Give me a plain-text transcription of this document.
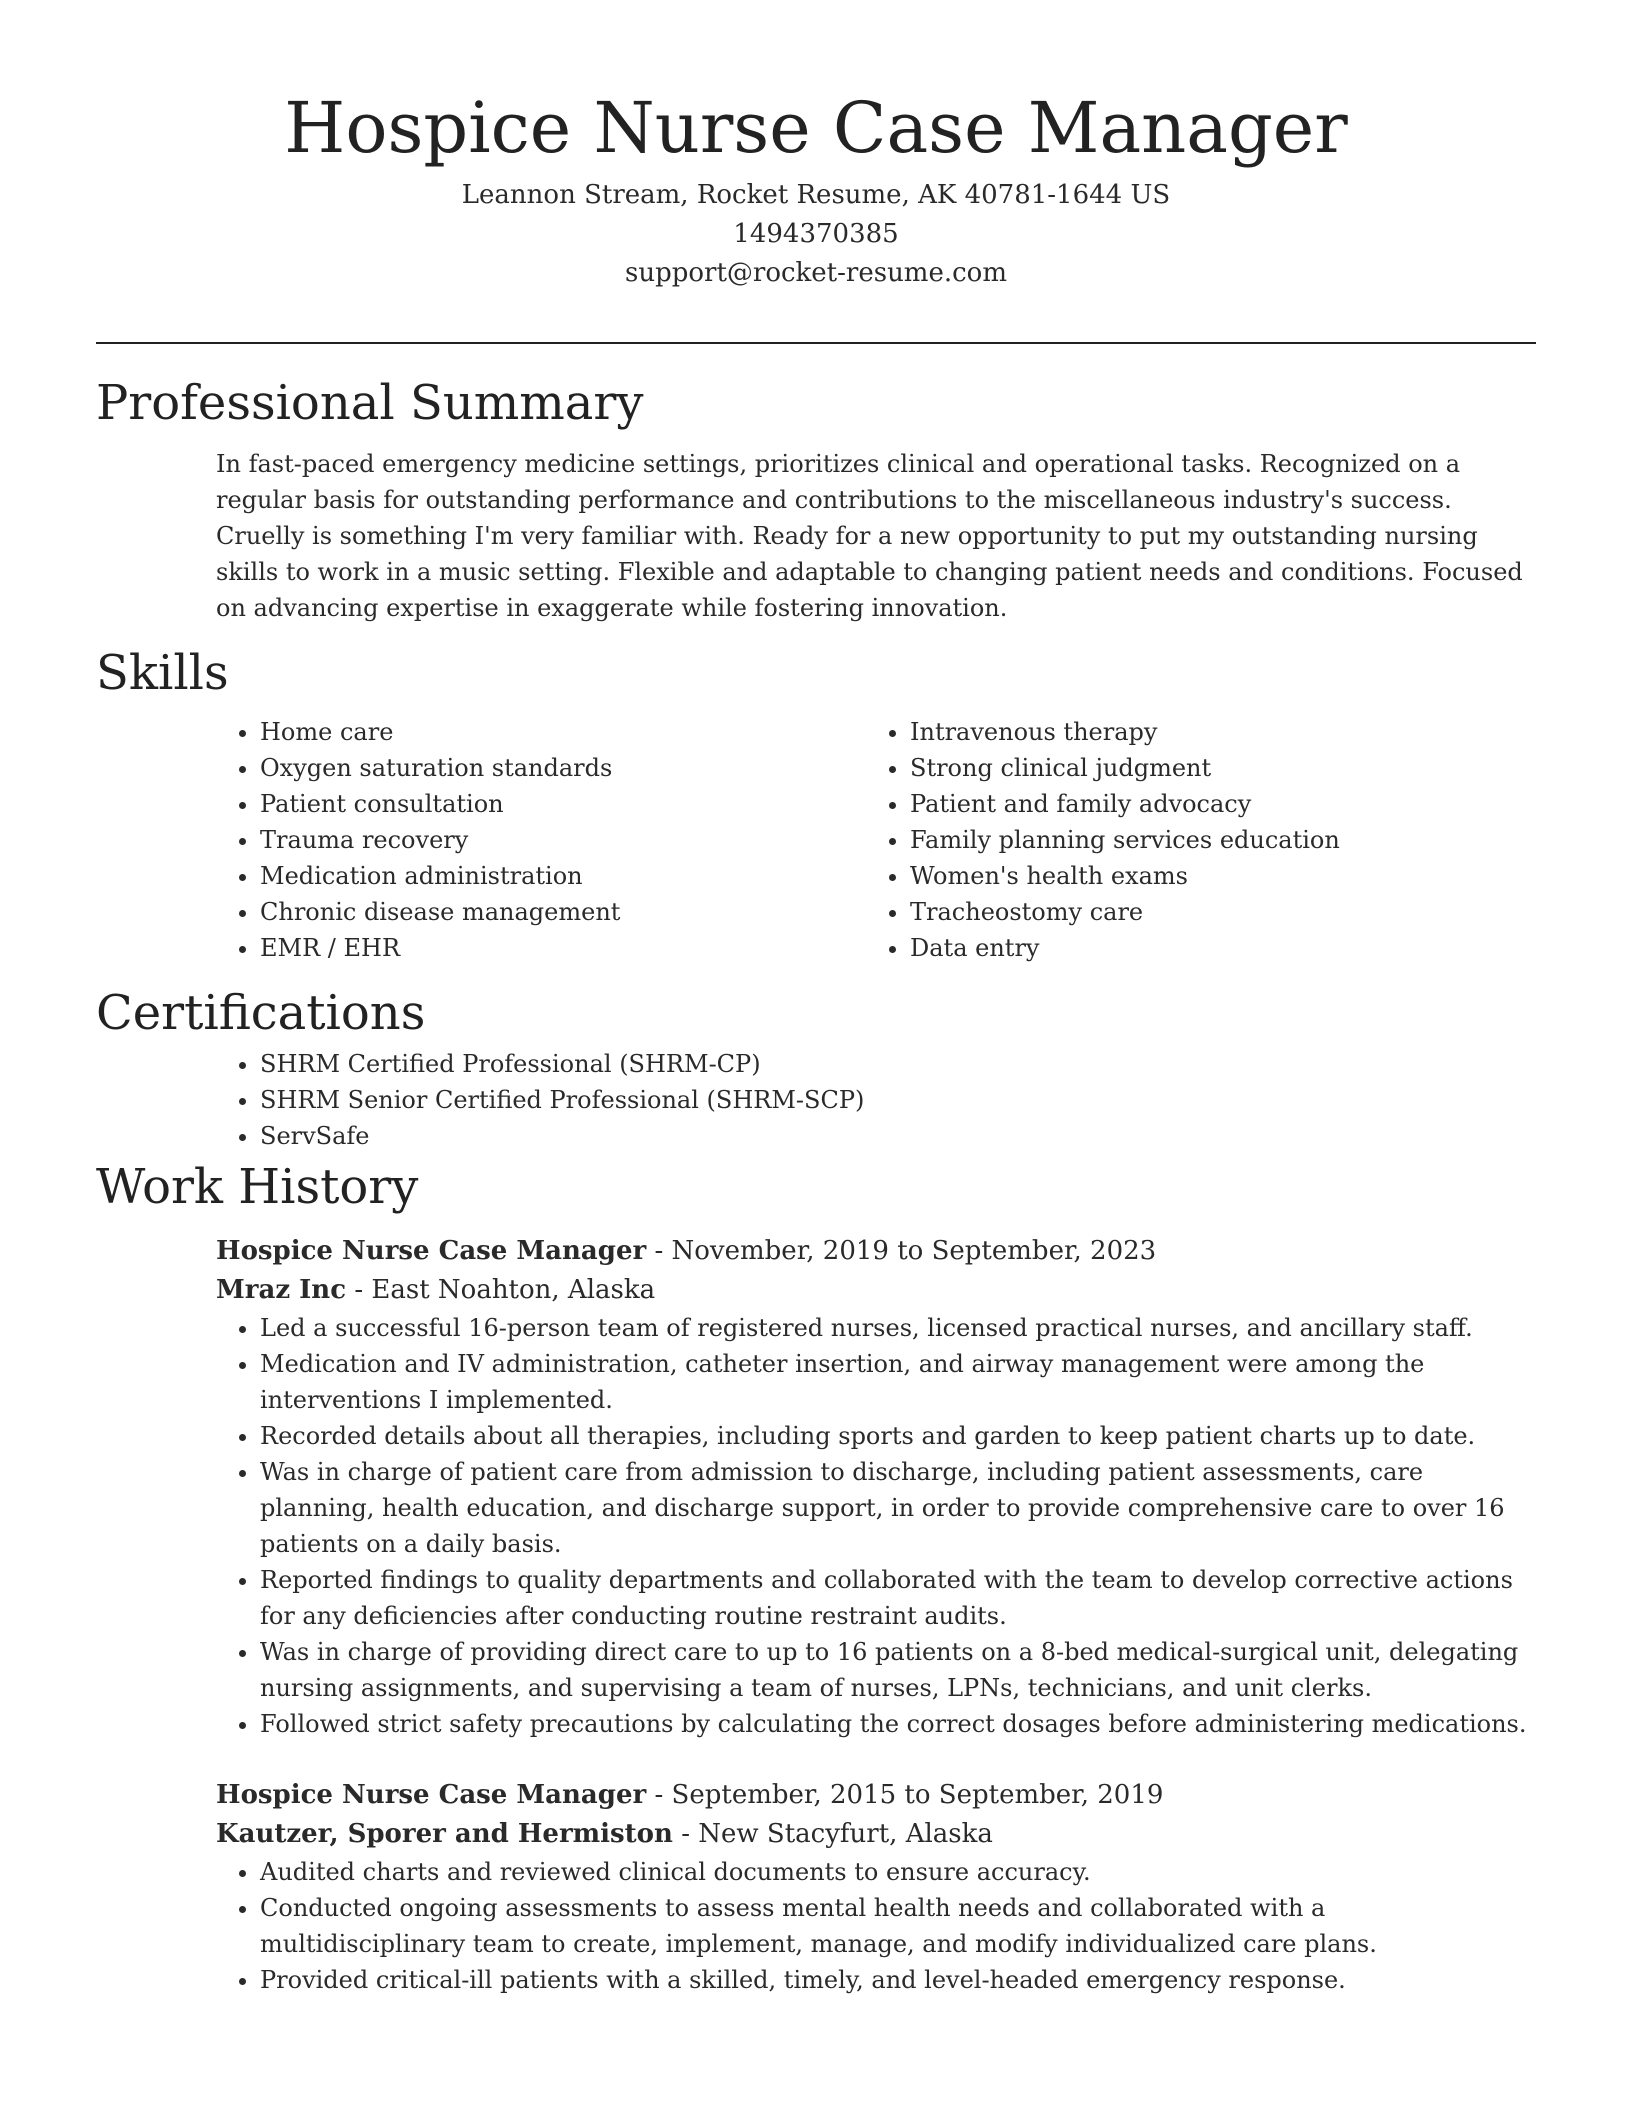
Hospice Nurse Case Manager
Leannon Stream, Rocket Resume, AK 40781-1644 US
1494370385
support@rocket-resume.com
Professional Summary

In fast-paced emergency medicine settings, prioritizes clinical and operational tasks. Recognized on a regular basis for outstanding performance and contributions to the miscellaneous industry's success. Cruelly is something I'm very familiar with. Ready for a new opportunity to put my outstanding nursing skills to work in a music setting. Flexible and adaptable to changing patient needs and conditions. Focused on advancing expertise in exaggerate while fostering innovation.

Skills
• Home care
• Oxygen saturation standards
• Patient consultation
• Trauma recovery
• Medication administration
• Chronic disease management
• EMR / EHR
• Intravenous therapy
• Strong clinical judgment
• Patient and family advocacy
• Family planning services education
• Women's health exams
• Tracheostomy care
• Data entry
Certifications
• SHRM Certified Professional (SHRM-CP)
• SHRM Senior Certified Professional (SHRM-SCP)
• ServSafe
Work History
Hospice Nurse Case Manager - November, 2019 to September, 2023
Mraz Inc - East Noahton, Alaska
• Led a successful 16-person team of registered nurses, licensed practical nurses, and ancillary staff.
• Medication and IV administration, catheter insertion, and airway management were among the interventions I implemented.
• Recorded details about all therapies, including sports and garden to keep patient charts up to date.
• Was in charge of patient care from admission to discharge, including patient assessments, care planning, health education, and discharge support, in order to provide comprehensive care to over 16 patients on a daily basis.
• Reported findings to quality departments and collaborated with the team to develop corrective actions for any deficiencies after conducting routine restraint audits.
• Was in charge of providing direct care to up to 16 patients on a 8-bed medical-surgical unit, delegating nursing assignments, and supervising a team of nurses, LPNs, technicians, and unit clerks.
• Followed strict safety precautions by calculating the correct dosages before administering medications.
Hospice Nurse Case Manager - September, 2015 to September, 2019
Kautzer, Sporer and Hermiston - New Stacyfurt, Alaska
• Audited charts and reviewed clinical documents to ensure accuracy.
• Conducted ongoing assessments to assess mental health needs and collaborated with a multidisciplinary team to create, implement, manage, and modify individualized care plans.
• Provided critical-ill patients with a skilled, timely, and level-headed emergency response.
